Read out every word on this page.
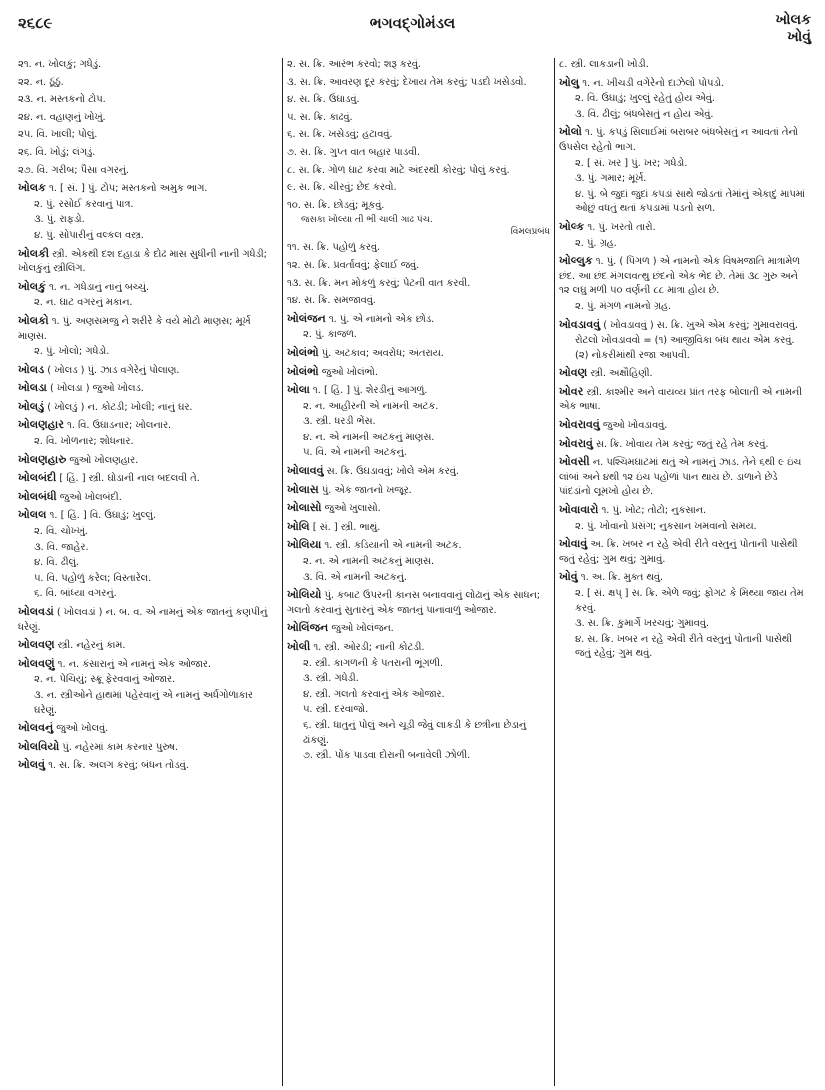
૨૬૮૯	ભગવદ્ગોમંડલ	ખોલક
ખોવું
૨૧. ન. ખોલકું; ગધેડું.
૨૨. ન. ઠૂંઠું.
૨૩. ન. મસ્તકનો ટોપ.
૨૪. ન. વહાણનું ખોખું.
૨૫. વિ. ખાલી; પોલું.
૨૬. વિ. ખોડું; લંગડું.
૨૭. વિ. ગરીબ; પૈસા વગરનું.
ખોલક ૧. [ સં. ] પું. ટોપ; મસ્તકનો અમુક ભાગ.
૨. પું. રસોઈ કરવાનું પાત્ર.
૩. પું. રાફડો.
૪. પું. સોપારીનું વલ્કલ વસ્ત્ર.
ખોલકી સ્ત્રી. એકથી દશ દહાડા કે દોઢ માસ સુધીની નાની ગધેડી; ખોલકુંનું સ્ત્રીલિંગ.
ખોલકું ૧. ન. ગધેડાનું નાનું બચ્ચું.
૨. ન. ઘાટ વગરનું મકાન.
ખોલકો ૧. પું. અણસમજુ ને શરીરે કે વયે મોટો માણસ; મૂર્ખ માણસ.
૨. પું. ખોલો; ગધેડો.
ખોલડ ( ખોલડ ) પું. ઝાડ વગેરેનું પોલાણ.
ખોલડા ( ખોલડા ) જુઓ ખોલડ.
ખોલડું ( ખોલડું ) ન. કોટડી; ખોલી; નાનું ઘર.
ખોલણહાર ૧. વિ. ઉઘાડનાર; ખોલનાર.
૨. વિ. ખોળનાર; શોધનાર.
ખોલણહારુ જુઓ ખોલણહાર.
ખોલબંદી [ હિં. ] સ્ત્રી. ઘોડાની નાલ બદલવી તે.
ખોલબંધી જુઓ ખોલબંદી.
ખોલલ ૧. [ હિં. ] વિ. ઉઘાડું; ખુલ્લું.
૨. વિ. ચોખ્ખું.
૩. વિ. જાહેર.
૪. વિ. ઢીલું.
૫. વિ. પહોળું કરેલ; વિસ્તારેલ.
૬. વિ. બાંધ્યા વગરનું.
ખોલવડાં ( ખોલવડાં ) ન. બ. વ. એ નામનું એક જાતનું કણપીનું ધરેણું.
ખોલવણ સ્ત્રી. નહેરનું કામ.
ખોલવણું ૧. ન. કંસારાનું એ નામનું એક ઓજાર.
૨. ન. પેચિયું; સ્ક્રૂ ફેરવવાનું ઓજાર.
૩. ન. સ્ત્રીઓને હાથમાં પહેરવાનું એ નામનું અર્ધગોળાકાર ઘરેણું.
ખોલવનું જુઓ ખોલવું.
ખોલવિયો પું. નહેરમાં કામ કરનાર પુરુષ.
ખોલવું ૧. સ. ક્રિ. અલગ કરવું; બંધન તોડવું.
૨. સ. ક્રિ. આરંભ કરવો; શરૂ કરવું.
૩. સ. ક્રિ. આવરણ દૂર કરવું; દેખાય તેમ કરવું; પડદો ખસેડવો.
૪. સ. ક્રિ. ઉઘાડવું.
૫. સ. ક્રિ. કાઢવું.
૬. સ. ક્રિ. ખસેડવું; હટાવવું.
૭. સ. ક્રિ. ગુપ્ત વાત બહાર પાડવી.
૮. સ. ક્રિ. ગોળ ઘાટ કરવા માટે અંદરથી કોરવું; પોલું કરવું.
૯. સ. ક્રિ. ચીરવું; છેદ કરવો.
૧૦. સ. ક્રિ. છોડવું; મૂકવું.
જસકા ખોલ્યા તી ભી ચાલી ગાઢ પંચ.
વિમલપ્રબંધ
૧૧. સ. ક્રિ. પહોળું કરવું.
૧૨. સ. ક્રિ. પ્રવર્તાવવું; ફેલાઈ જવું.
૧૩. સ. ક્રિ. મન મોકળું કરવું; પેટની વાત કરવી.
૧૪. સ. ક્રિ. સમજાવવું.
ખોલંજન ૧. પું. એ નામનો એક છોડ.
૨. પું. કાજળ.
ખોલંભો પું. અટકાવ; અવરોધ; અંતરાય.
ખોલંભો જુઓ ખોલંભો.
ખોલા ૧. [ હિં. ] પું. શેરડીનું આગળું.
૨. ન. આહીરની એ નામની અટક.
૩. સ્ત્રી. ધરડી ભેંસ.
૪. ન. એ નામની અટકનું માણસ.
૫. વિ. એ નામની અટકનું.
ખોલાવવું સ. ક્રિ. ઉઘડાવવું; ખોલે એમ કરવું.
ખોલાસ પું. એક જાતનો ખજૂર.
ખોલાસો જુઓ ખુલાસો.
ખોલિ [ સં. ] સ્ત્રી. ભાથું.
ખોલિયા ૧. સ્ત્રી. કડિયાની એ નામની અટક.
૨. ન. એ નામની અટકનું માણસ.
૩. વિ. એ નામની અટકનું.
ખોલિયો પું. કબાટ ઉપરની કાનસ બનાવવાનું લોઢાનું એક સાધન; ગલતો કરવાનું સુતારનું એક જાતનું પાનાવાળું ઓજાર.
ખોલિંજન જુઓ ખોલંજન.
ખોલી ૧. સ્ત્રી. ઓરડી; નાની કોટડી.
૨. સ્ત્રી. કાગળની કે પતરાની ભૂંગળી.
૩. સ્ત્રી. ગધેડી.
૪. સ્ત્રી. ગલતો કરવાનું એક ઓજાર.
૫. સ્ત્રી. દરવાજો.
૬. સ્ત્રી. ધાતુનું પોલું અને ચૂડી જેવું લાકડી કે છત્રીના છેડાનું ઢાંકણું.
૭. સ્ત્રી. પોંક પાડવા દોરાની બનાવેલી ઝોળી.
૮. સ્ત્રી. લાકડાની ખોડી.
ખોલુ ૧. ન. ખીચડી વગેરેનો દાઝેલો પોપડો.
૨. વિ. ઉઘાડું; ખુલ્લું રહેતું હોય એવું.
૩. વિ. ઢીલું; બંધબેસતું ન હોય એવું.
ખોલો ૧. પું. કપડું સિલાઈમાં બરાબર બંધબેસતું ન આવતાં તેનો ઉપસેલ રહેતો ભાગ.
૨. [ સં. ખર ] પું. ખર; ગધેડો.
૩. પું. ગમાર; મૂર્ખ.
૪. પું. બે જુદાં જુદાં કપડાં સાથે જોડતાં તેમાંનું એકાદું માપમાં ઓછું વધતું થતાં કપડામાં પડતો સળ.
ખોલ્ક ૧. પું. ખરતો તારો.
૨. પું. ગ્રહ.
ખોલ્લુક ૧. પું. ( પિંગળ ) એ નામનો એક વિષમજાતિ માત્રામેળ છંદ. આ છંદ મંગલવત્થુ છંદનો એક ભેદ છે. તેમાં ૩૮ ગુરુ અને ૧૨ લઘુ મળી ૫૦ વર્ણની ૮૮ માત્રા હોય છે.
૨. પું. મંગળ નામનો ગ્રહ.
ખોવડાવવું ( ખોવડાવવું ) સ. ક્રિ. ખુએ એમ કરવું; ગુમાવરાવવું.
રોટલો ખોવડાવવો = (૧) આજીવિકા બંધ થાય એમ કરવું. (૨) નોકરીમાંથી રજા આપવી.
ખોવણ સ્ત્રી. અક્ષૌહિણી.
ખોવર સ્ત્રી. કાશ્મીર અને વાયવ્ય પ્રાંત તરફ બોલાતી એ નામની એક ભાષા.
ખોવરાવવું જુઓ ખોવડાવવું.
ખોવરાવું સ. ક્રિ. ખોવાય તેમ કરવું; જતું રહે તેમ કરવું.
ખોવસી ન. પશ્ચિમઘાટમાં થતું એ નામનું ઝાડ. તેને ૬થી ૯ ઇંચ લાંબાં અને ૪થી ૧૨ ઇંચ પહોળાં પાન થાય છે. ડાળાને છેડે પાંદડાંનો લૂમખો હોય છે.
ખોવાવારો ૧. પું. ખોટ; તોટો; નુકસાન.
૨. પું. ખોવાનો પ્રસંગ; નુકસાન ખમવાનો સમય.
ખોવાવું અ. ક્રિ. ખબર ન રહે એવી રીતે વસ્તુનું પોતાની પાસેથી જતું રહેવું; ગુમ થવું; ગુમાવું.
ખોવું ૧. અ. ક્રિ. મુક્ત થવું.
૨. [ સં. ક્ષપ્ ] સ. ક્રિ. એળે જવું; ફોગટ કે મિથ્યા જાય તેમ કરવું.
૩. સ. ક્રિ. કુમાર્ગે ખરચવું; ગુમાવવું.
૪. સ. ક્રિ. ખબર ન રહે એવી રીતે વસ્તુનું પોતાની પાસેથી જતું રહેવું; ગુમ થવું.
